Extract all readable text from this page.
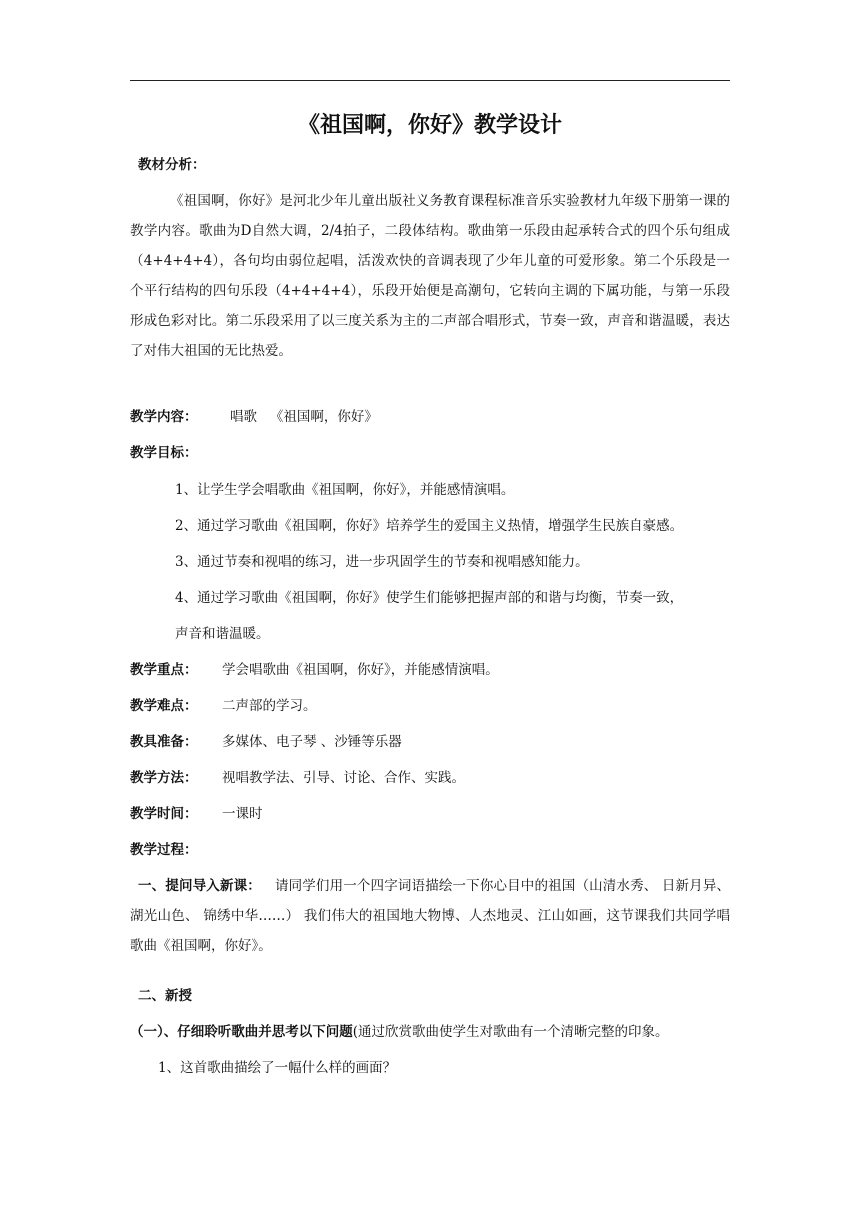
《祖国啊，你好》教学设计
教材分析：
《祖国啊，你好》是河北少年儿童出版社义务教育课程标准音乐实验教材九年级下册第一课的教学内容。歌曲为D自然大调，2/4拍子，二段体结构。歌曲第一乐段由起承转合式的四个乐句组成（4+4+4+4），各句均由弱位起唱，活泼欢快的音调表现了少年儿童的可爱形象。第二个乐段是一个平行结构的四句乐段（4+4+4+4），乐段开始便是高潮句，它转向主调的下属功能，与第一乐段形成色彩对比。第二乐段采用了以三度关系为主的二声部合唱形式，节奏一致，声音和谐温暖，表达了对伟大祖国的无比热爱。
教学内容： 唱歌   《祖国啊，你好》
教学目标：
1、让学生学会唱歌曲《祖国啊，你好》，并能感情演唱。
2、通过学习歌曲《祖国啊，你好》培养学生的爱国主义热情，增强学生民族自豪感。
3、通过节奏和视唱的练习，进一步巩固学生的节奏和视唱感知能力。
4、通过学习歌曲《祖国啊，你好》使学生们能够把握声部的和谐与均衡，节奏一致，
声音和谐温暖。
教学重点： 学会唱歌曲《祖国啊，你好》，并能感情演唱。
教学难点： 二声部的学习。
教具准备： 多媒体、电子琴 、沙锤等乐器
教学方法： 视唱教学法、引导、讨论、合作、实践。
教学时间： 一课时
教学过程：
一、提问导入新课： 请同学们用一个四字词语描绘一下你心目中的祖国（山清水秀、 日新月异、 湖光山色、 锦绣中华……） 我们伟大的祖国地大物博、人杰地灵、江山如画，这节课我们共同学唱歌曲《祖国啊，你好》。
二、新授
（一）、仔细聆听歌曲并思考以下问题(通过欣赏歌曲使学生对歌曲有一个清晰完整的印象。
1、这首歌曲描绘了一幅什么样的画面？
